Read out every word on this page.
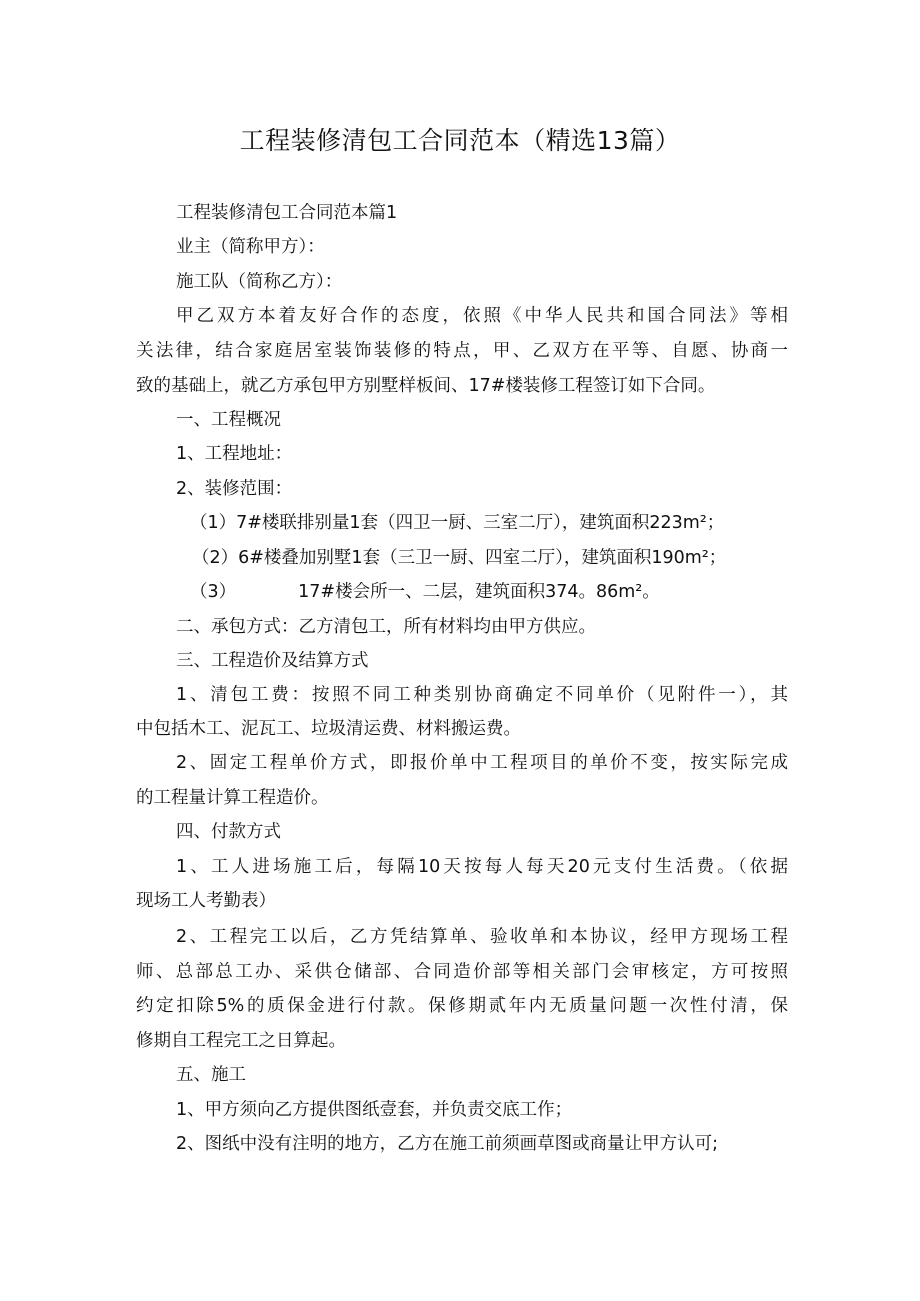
工程装修清包工合同范本（精选13篇）
工程装修清包工合同范本篇1
业主（简称甲方）：
施工队（简称乙方）：
甲乙双方本着友好合作的态度，依照《中华人民共和国合同法》等相
关法律，结合家庭居室装饰装修的特点，甲、乙双方在平等、自愿、协商一
致的基础上，就乙方承包甲方别墅样板间、17#楼装修工程签订如下合同。
一、工程概况
1、工程地址：
2、装修范围：
（1）7#楼联排别量1套（四卫一厨、三室二厅），建筑面积223m²；
（2）6#楼叠加别墅1套（三卫一厨、四室二厅），建筑面积190m²；
（3）	17#楼会所一、二层，建筑面积374。86m²。
二、承包方式：乙方清包工，所有材料均由甲方供应。
三、工程造价及结算方式
1、清包工费：按照不同工种类别协商确定不同单价（见附件一），其
中包括木工、泥瓦工、垃圾清运费、材料搬运费。
2、固定工程单价方式，即报价单中工程项目的单价不变，按实际完成
的工程量计算工程造价。
四、付款方式
1、工人进场施工后，每隔10天按每人每天20元支付生活费。（依据
现场工人考勤表）
2、工程完工以后，乙方凭结算单、验收单和本协议，经甲方现场工程
师、总部总工办、采供仓储部、合同造价部等相关部门会审核定，方可按照
约定扣除5%的质保金进行付款。保修期贰年内无质量问题一次性付清，保
修期自工程完工之日算起。
五、施工
1、甲方须向乙方提供图纸壹套，并负责交底工作；
2、图纸中没有注明的地方，乙方在施工前须画草图或商量让甲方认可;
